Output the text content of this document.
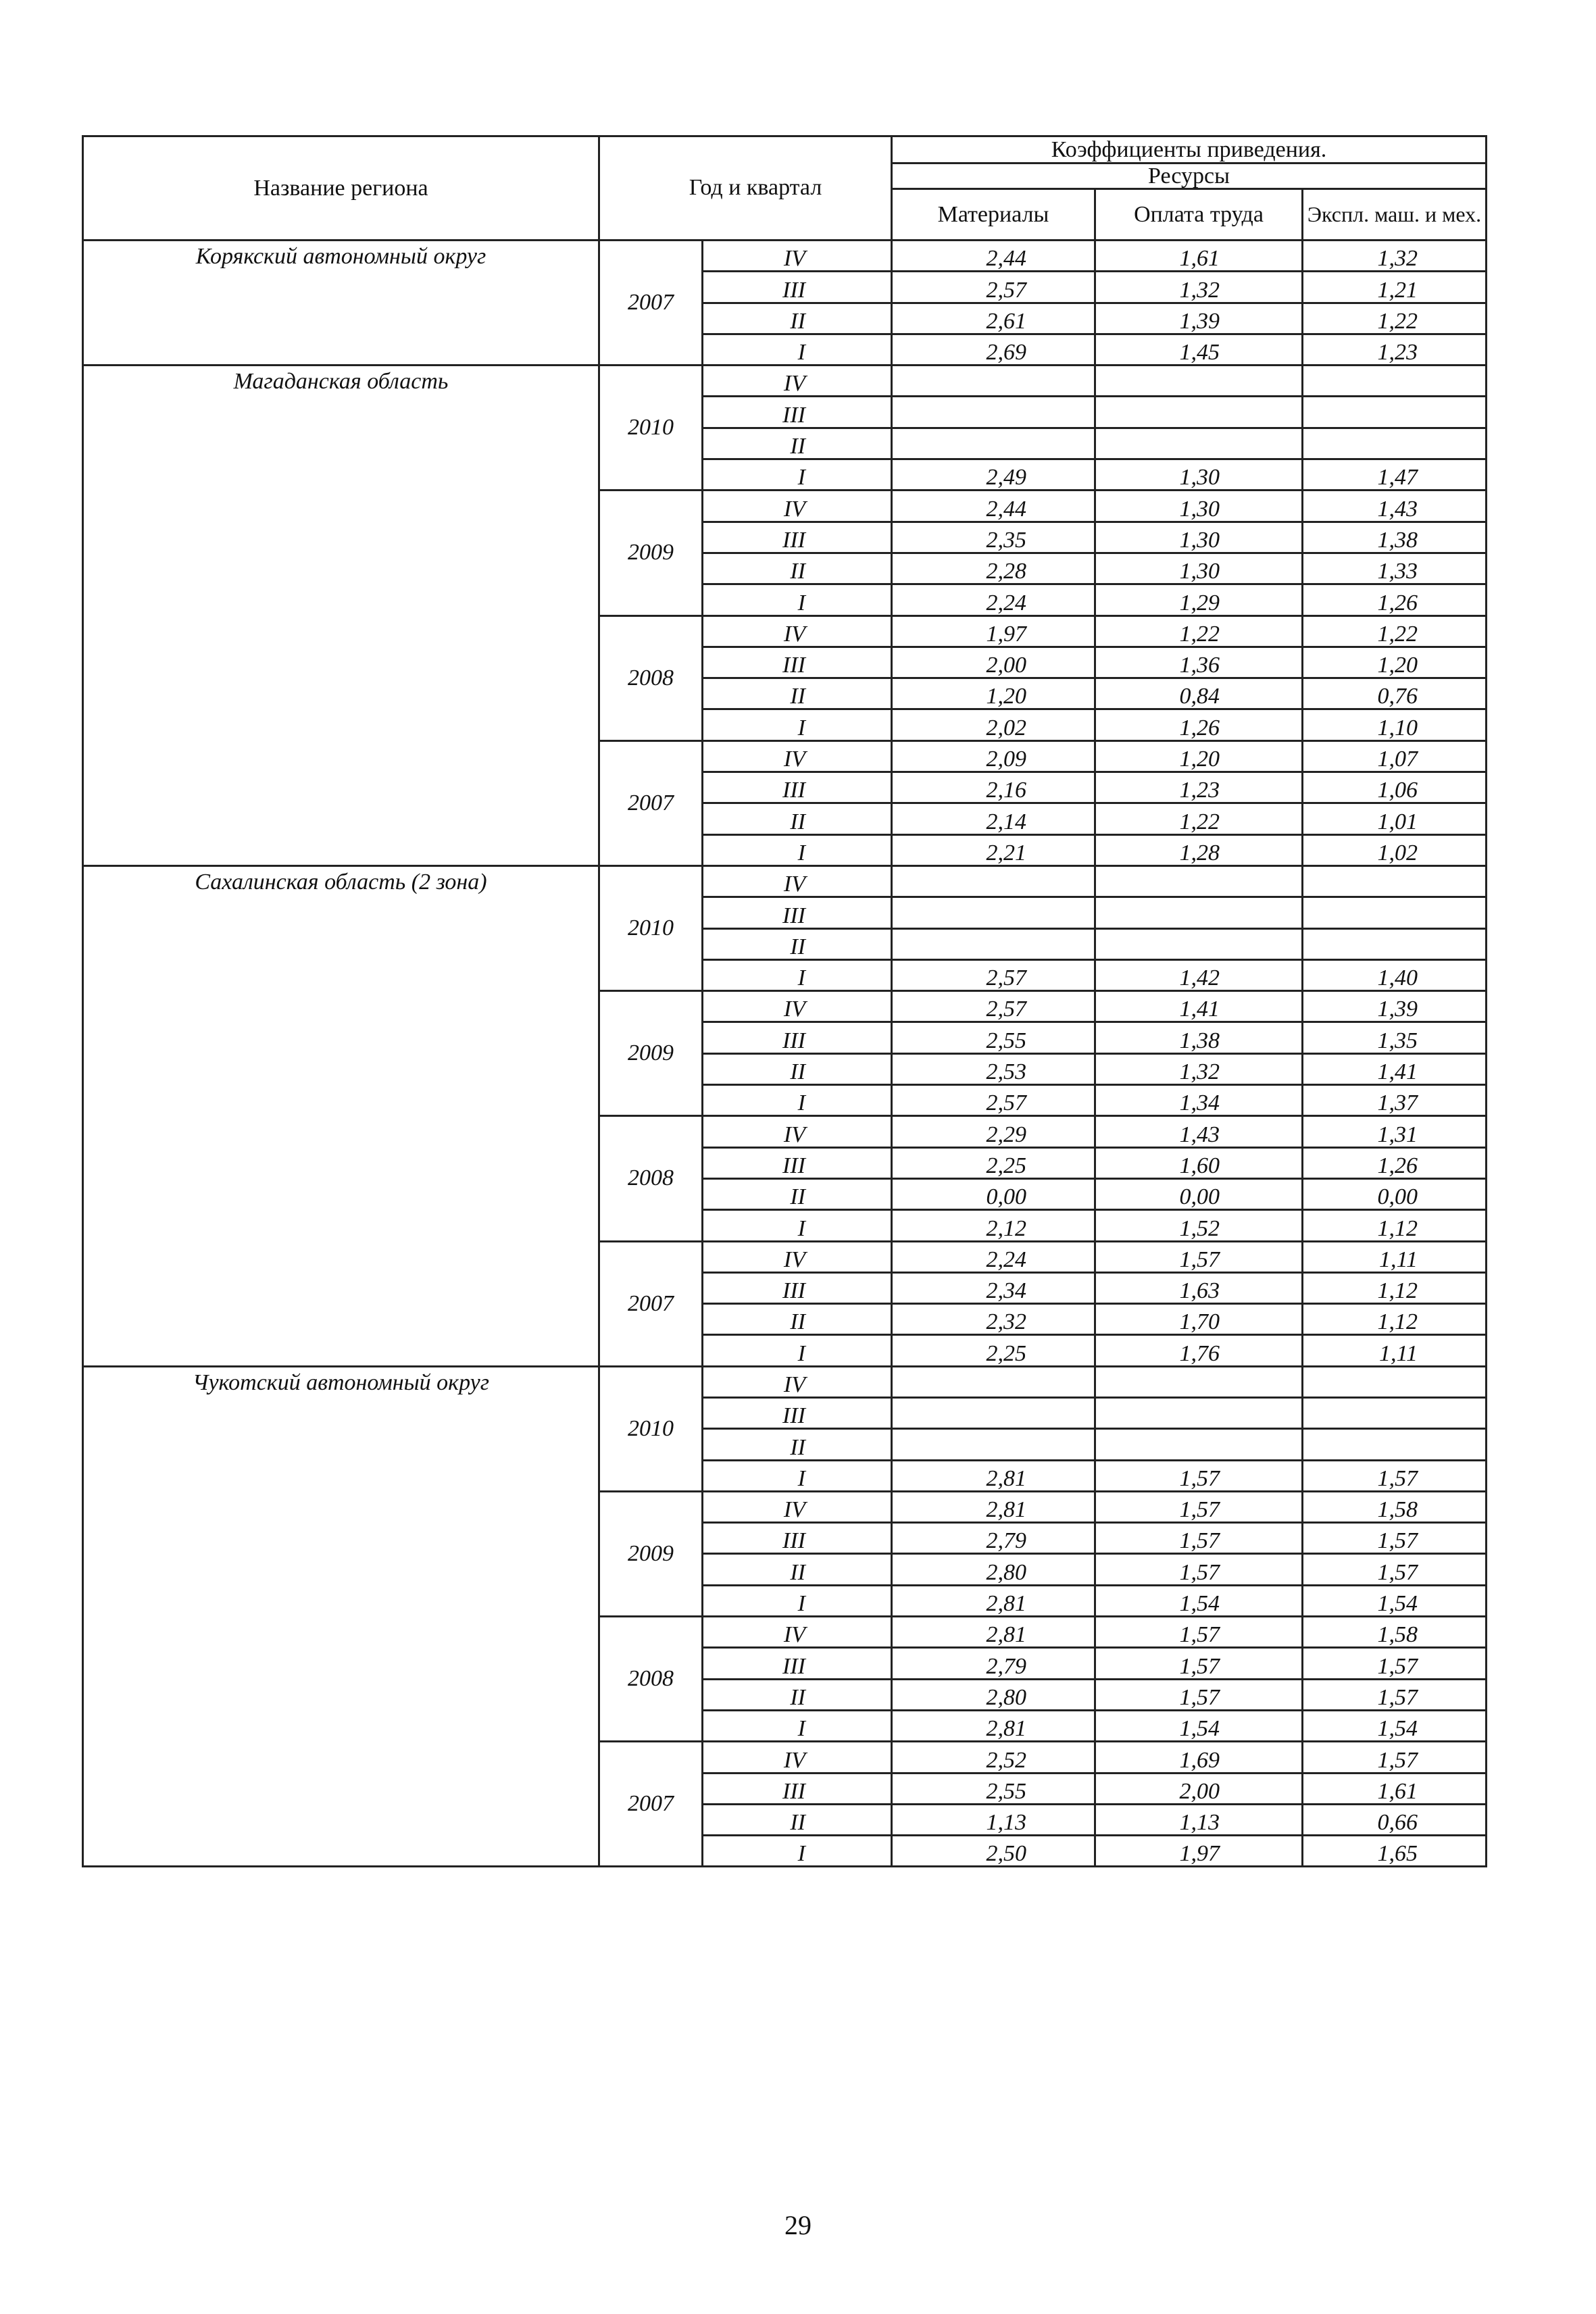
Название региона	Год и квартал		Коэффициенты приведения.		
			Ресурсы		
			Материалы	Оплата труда	Экспл. маш. и мех.
Корякский автономный округ	2007	IV	2,44	1,61	1,32
		III	2,57	1,32	1,21
		II	2,61	1,39	1,22
		I	2,69	1,45	1,23
Магаданская область	2010	IV			
		III			
		II			
		I	2,49	1,30	1,47
	2009	IV	2,44	1,30	1,43
		III	2,35	1,30	1,38
		II	2,28	1,30	1,33
		I	2,24	1,29	1,26
	2008	IV	1,97	1,22	1,22
		III	2,00	1,36	1,20
		II	1,20	0,84	0,76
		I	2,02	1,26	1,10
	2007	IV	2,09	1,20	1,07
		III	2,16	1,23	1,06
		II	2,14	1,22	1,01
		I	2,21	1,28	1,02
Сахалинская область (2 зона)	2010	IV			
		III			
		II			
		I	2,57	1,42	1,40
	2009	IV	2,57	1,41	1,39
		III	2,55	1,38	1,35
		II	2,53	1,32	1,41
		I	2,57	1,34	1,37
	2008	IV	2,29	1,43	1,31
		III	2,25	1,60	1,26
		II	0,00	0,00	0,00
		I	2,12	1,52	1,12
	2007	IV	2,24	1,57	1,11
		III	2,34	1,63	1,12
		II	2,32	1,70	1,12
		I	2,25	1,76	1,11
Чукотский автономный округ	2010	IV			
		III			
		II			
		I	2,81	1,57	1,57
	2009	IV	2,81	1,57	1,58
		III	2,79	1,57	1,57
		II	2,80	1,57	1,57
		I	2,81	1,54	1,54
	2008	IV	2,81	1,57	1,58
		III	2,79	1,57	1,57
		II	2,80	1,57	1,57
		I	2,81	1,54	1,54
	2007	IV	2,52	1,69	1,57
		III	2,55	2,00	1,61
		II	1,13	1,13	0,66
		I	2,50	1,97	1,65
29
